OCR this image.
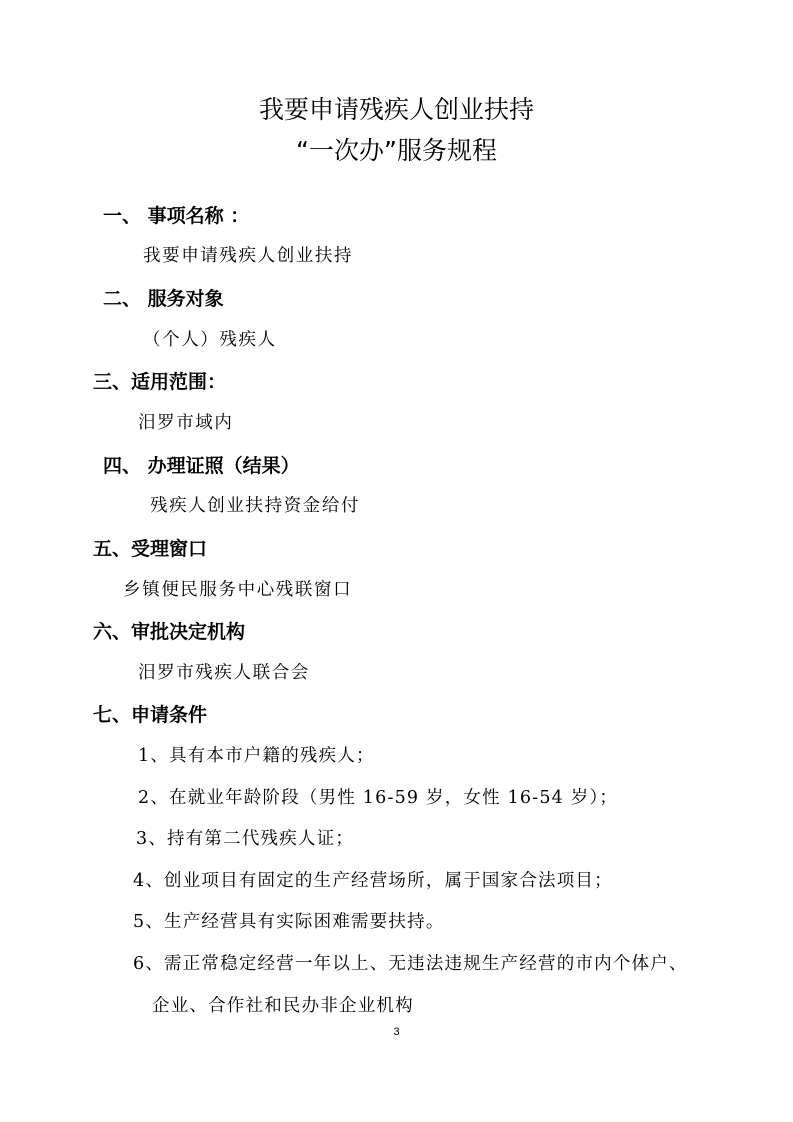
我要申请残疾人创业扶持
“一次办”服务规程
一、 事项名称 ：
我要申请残疾人创业扶持
二、 服务对象
（个人）残疾人
三、适用范围：
汨罗市域内
四、 办理证照（结果）
残疾人创业扶持资金给付
五、受理窗口
乡镇便民服务中心残联窗口
六、审批决定机构
汨罗市残疾人联合会
七、申请条件
1、具有本市户籍的残疾人；
2、在就业年龄阶段（男性 16-59 岁，女性 16-54 岁）；
3、持有第二代残疾人证；
4、创业项目有固定的生产经营场所，属于国家合法项目；
5、生产经营具有实际困难需要扶持。
6、需正常稳定经营一年以上、无违法违规生产经营的市内个体户、
企业、合作社和民办非企业机构
3
